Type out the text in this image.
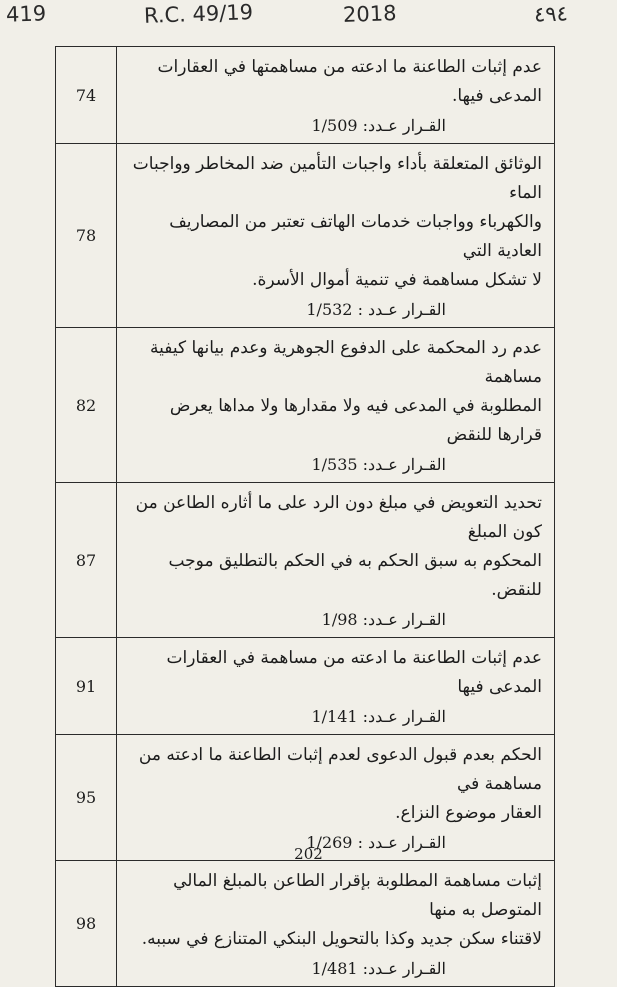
419	R.C. 49/19	2018	٤٩٤
عدم إثبات الطاعنة ما ادعته من مساهمتها في العقارات المدعى فيها.
القـرار عـدد: 1/509	74

الوثائق المتعلقة بأداء واجبات التأمين ضد المخاطر وواجبات الماء
والكهرباء وواجبات خدمات الهاتف تعتبر من المصاريف العادية التي
لا تشكل مساهمة في تنمية أموال الأسرة.
القـرار عـدد : 1/532	78

عدم رد المحكمة على الدفوع الجوهرية وعدم بيانها كيفية مساهمة
المطلوبة في المدعى فيه ولا مقدارها ولا مداها يعرض قرارها للنقض
القـرار عـدد: 1/535	82

تحديد التعويض في مبلغ دون الرد على ما أثاره الطاعن من كون المبلغ
المحكوم به سبق الحكم به في الحكم بالتطليق موجب للنقض.
القـرار عـدد: 1/98	87

عدم إثبات الطاعنة ما ادعته من مساهمة في العقارات المدعى فيها
القـرار عـدد: 1/141	91

الحكم بعدم قبول الدعوى لعدم إثبات الطاعنة ما ادعته من مساهمة في
العقار موضوع النزاع.
القـرار عـدد : 1/269	95

إثبات مساهمة المطلوبة بإقرار الطاعن بالمبلغ المالي المتوصل به منها
لاقتناء سكن جديد وكذا بالتحويل البنكي المتنازع في سببه.
القـرار عـدد: 1/481	98
202
